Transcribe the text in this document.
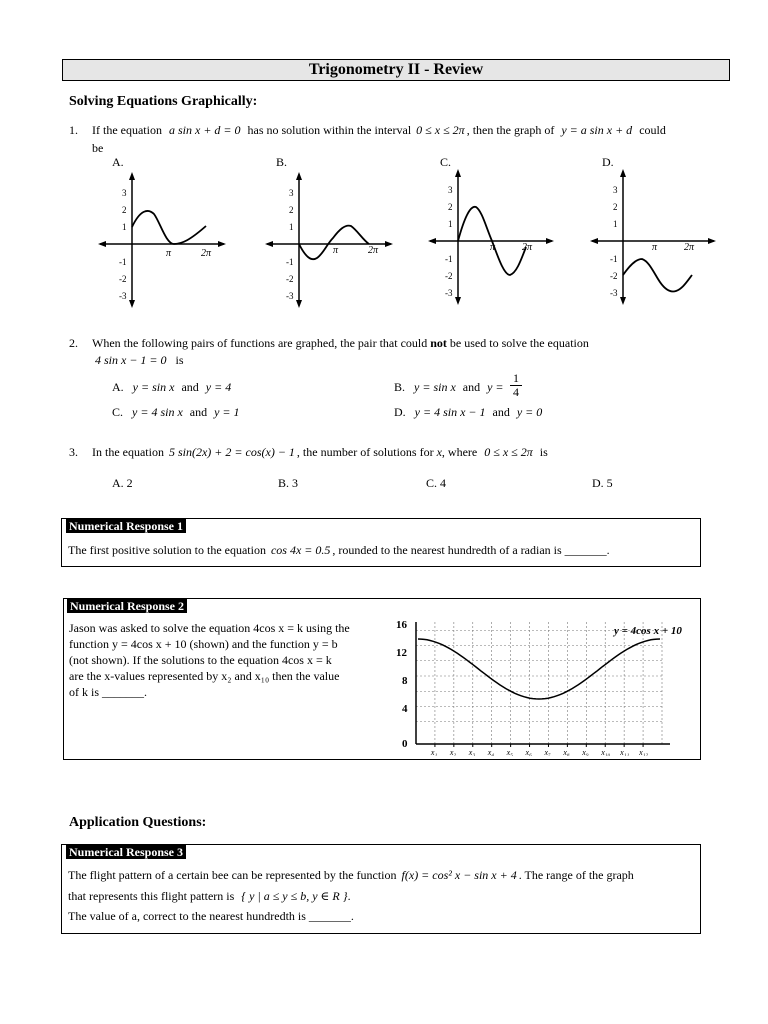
Trigonometry II - Review
Solving Equations Graphically:
1. If the equation a sin x + d = 0 has no solution within the interval 0 ≤ x ≤ 2π , then the graph of y = a sin x + d could
be
A.	B.	C.	D.
3
2
1
-1
-2
-3
π	2π
3
2
1
-1
-2
-3
π	2π
3
2
1
-1
-2
-3
π	2π
3
2
1
-1
-2
-3
π	2π
2. When the following pairs of functions are graphed, the pair that could not be used to solve the equation
4 sin x − 1 = 0 is
A. y = sin x and y = 4	B. y = sin x and $y = \frac{1}{4}$
C. y = 4 sin x and y = 1	D. y = 4 sin x − 1 and y = 0
3. In the equation 5 sin(2x) + 2 = cos(x) − 1 , the number of solutions for x, where 0 ≤ x ≤ 2π is
A. 2	B. 3	C. 4	D. 5
Numerical Response 1
The first positive solution to the equation cos 4x = 0.5 , rounded to the nearest hundredth of a radian is _______.
Numerical Response 2
Jason was asked to solve the equation 4cos x = k using the
function y = 4cos x + 10 (shown) and the function y = b
(not shown). If the solutions to the equation 4cos x = k
are the x-values represented by x₂ and x₁₀ then the value
of k is _______.
16
12
8
4
0
x₁ x₂ x₃ x₄ x₅ x₆ x₇ x₈ x₉ x₁₀ x₁₁ x₁₂
y = 4cos x + 10
Application Questions:
Numerical Response 3
The flight pattern of a certain bee can be represented by the function f(x) = cos² x − sin x + 4 . The range of the graph
that represents this flight pattern is { y | a ≤ y ≤ b, y ∈ R }.
The value of a, correct to the nearest hundredth is _______.
